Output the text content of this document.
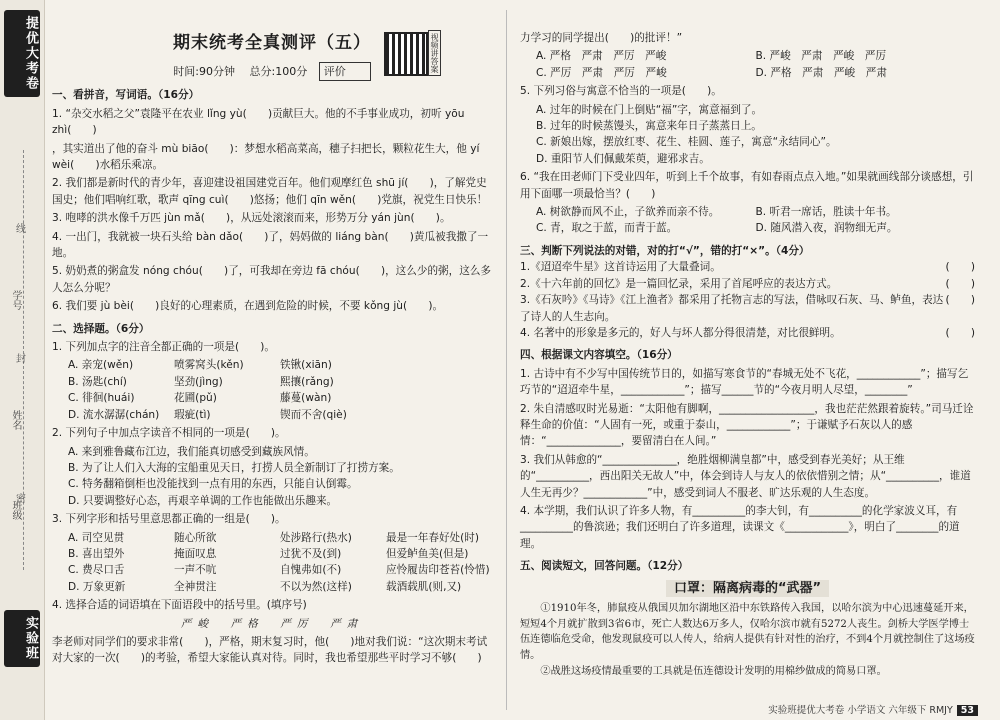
提优大考卷
班级
姓名
学号
线
封
密
实验班
视频讲答案
期末统考全真测评（五）
时间:90分钟　 总分:100分 评价
一、看拼音，写词语。（16分）
1. “杂交水稻之父”袁隆平在农业 lǐng yù(　　)贡献巨大。他的不手事业成功，初听 yōu zhì(　　)
，其实道出了他的奋斗 mù biāo(　　)：梦想水稻高菜高，穗子扫把长，颗粒花生大，他 yí wèi(　　)水稻乐乘凉。
2. 我们都是新时代的青少年，喜迎建设祖国建党百年。他们观摩红色 shū jí(　　)，了解党史国史；他们唱响红歌，歌声 qīng cuì(　　)悠扬；他们 qīn wěn(　　)党旗，祝党生日快乐！
3. 咆哮的洪水像千万匹 jùn mǎ(　　)，从远处滚滚而来，形势万分 yán jùn(　　)。
4. 一出门，我就被一块石头给 bàn dǎo(　　)了，妈妈做的 liáng bàn(　　)黄瓜被我撒了一地。
5. 奶奶煮的粥盒发 nóng chóu(　　)了，可我却在旁边 fā chóu(　　)，这么少的粥，这么多人怎么分呢？
6. 我们要 jù bèi(　　)良好的心理素质，在遇到危险的时候，不要 kǒng jù(　　)。
二、选择题。（6分）
1. 下列加点字的注音全都正确的一项是(　　)。
A. 亲宠(wěn)	喷雾窝头(kěn)	铁锹(xiān)
B. 汤匙(chí)	坚劲(jìng)	熙攘(rǎng)
C. 徘徊(huái)	花圃(pǔ)	藤蔓(wàn)
D. 流水潺潺(chán)	瑕疵(tì)	锲而不舍(qiè)
2. 下列句子中加点字读音不相同的一项是(　　)。
A. 来到雅鲁藏布江边，我们能真切感受到藏族风情。
B. 为了让人们入大海的宝船重见天日，打捞人员全新制订了打捞方案。
C. 特务翻箱倒柜也没能找到一点有用的东西，只能自认倒霉。
D. 只要调整好心态，再艰辛单调的工作也能做出乐趣来。
3. 下列字形和括号里意思都正确的一组是(　　)。
A. 司空见贯	随心所欲	处涉路行(热水)	最是一年春好处(时)
B. 喜出望外	掩面叹息	过犹不及(到)	但爱鲈鱼美(但是)
C. 费尽口舌	一声不吭	自愧弗如(不)	应怜履齿印苍苔(怜惜)
D. 万象更新	全神贯注	不以为然(这样)	载酒载肌(则,又)
4. 选择合适的词语填在下面语段中的括号里。(填序号)
严峻　严格　严厉　严肃
李老师对同学们的要求非常(　　)，严格，期末复习时，他(　　)地对我们说：“这次期末考试对大家的一次(　　)的考验，希望大家能认真对待。同时，我也希望那些平时学习不够(　　)
力学习的同学提出(　　)的批评！”
A. 严格　严肃　严厉　严峻	B. 严峻　严肃　严峻　严厉
C. 严厉　严肃　严厉　严峻	D. 严格　严肃　严峻　严肃
5. 下列习俗与寓意不恰当的一项是(　　)。
A. 过年的时候在门上倒贴“福”字，寓意福到了。
B. 过年的时候蒸馒头，寓意来年日子蒸蒸日上。
C. 新娘出嫁，摆放红枣、花生、桂圆、莲子，寓意“永结同心”。
D. 重阳节人们佩戴茱萸，避邪求吉。
6. “我在田老师门下受业四年，听到上千个故事，有如春雨点点入地。”如果就画线部分谈感想，引用下面哪一项最恰当？(　　)
A. 树欲静而风不止，子欲养而亲不待。	B. 听君一席话，胜读十年书。
C. 青，取之于蓝，而青于蓝。	D. 随风潜入夜，润物细无声。
三、判断下列说法的对错，对的打“√”，错的打“×”。（4分）
1.《迢迢牵牛星》这首诗运用了大量叠词。	(　　)
2.《十六年前的回忆》是一篇回忆录，采用了首尾呼应的表达方式。	(　　)
3.《石灰吟》《马诗》《江上渔者》都采用了托物言志的写法，借咏叹石灰、马、鲈鱼，表达了诗人的人生志向。
(　　)
4. 名著中的形象是多元的，好人与坏人都分得很清楚，对比很鲜明。	(　　)
四、根据课文内容填空。（16分）
1. 古诗中有不少写中国传统节日的，如描写寒食节的“春城无处不飞花，____________”；描写乞巧节的“迢迢牵牛星，____________”；描写______节的“今夜月明人尽望，________”
2. 朱自清感叹时光易逝：“太阳他有脚啊，__________________，我也茫茫然跟着旋转。”司马迁诠释生命的价值：“人固有一死，或重于泰山，____________”；于谦赋予石灰以人的感情：“______________，要留清白在人间。”
3. 我们从韩愈的“______________，绝胜烟柳满皇都”中，感受到春光美好；从王维的“__________，西出阳关无故人”中，体会到诗人与友人的依依惜别之情；从“__________，谁道人生无再少？____________”中，感受到词人不服老、旷达乐观的人生态度。
4. 本学期，我们认识了许多人物，有__________的李大钊，有__________的化学家波义耳，有__________的鲁滨逊；我们还明白了许多道理，读课文《____________》，明白了________的道理。
五、阅读短文，回答问题。（12分）
口罩：隔离病毒的“武器”
①1910年冬，肺鼠疫从俄国贝加尔湖地区沿中东铁路传入我国，以哈尔滨为中心迅速蔓延开来，短短4个月就扩散到3省6市，死亡人数达6万多人，仅哈尔滨市就有5272人丧生。剑桥大学医学博士伍连德临危受命，他发现鼠疫可以人传人，给病人提供有针对性的治疗，不到4个月就控制住了这场疫情。
②战胜这场疫情最重要的工具就是伍连德设计发明的用棉纱做成的简易口罩。
实验班提优大考卷 小学语文 六年级下 RMJY 53
